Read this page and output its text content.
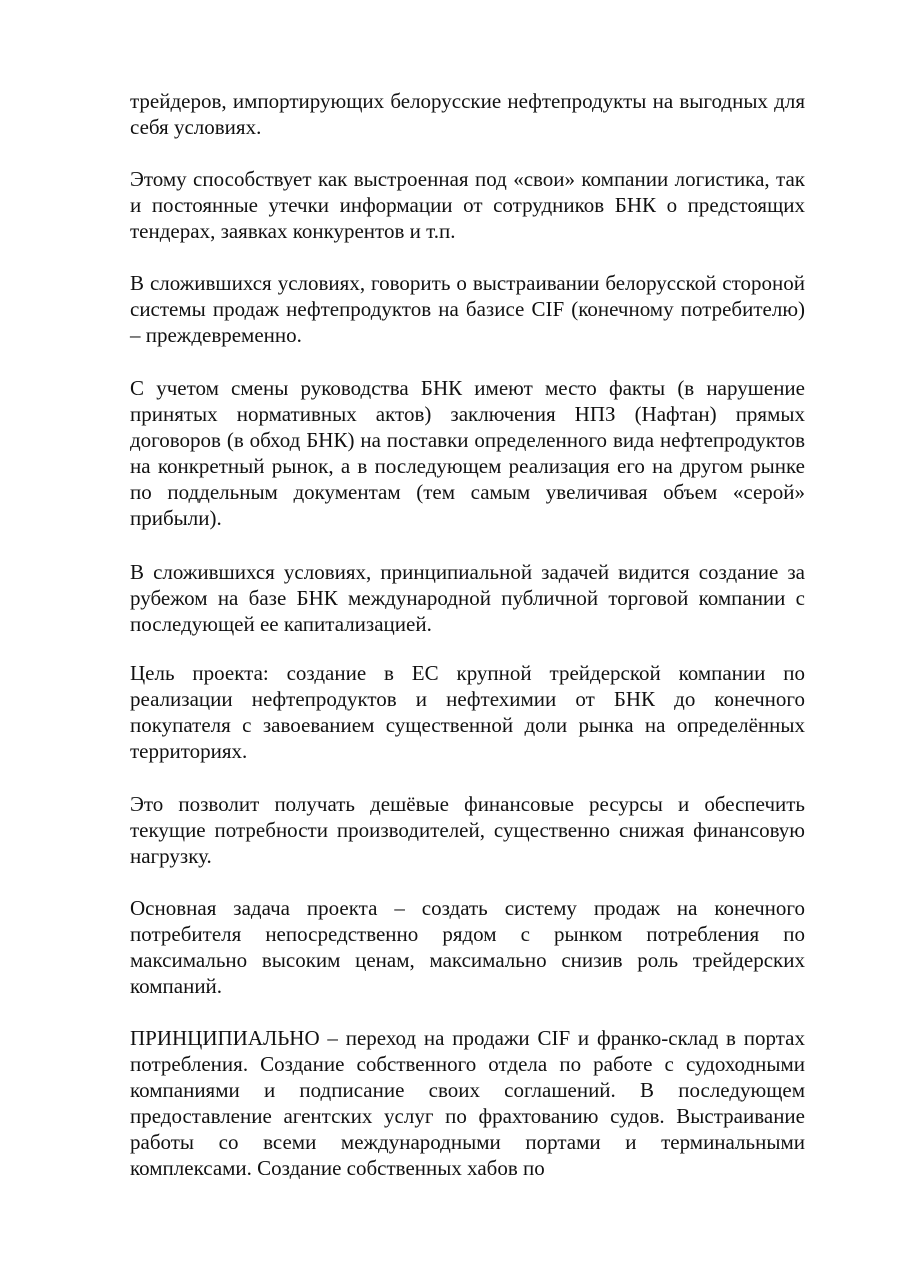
трейдеров, импортирующих белорусские нефтепродукты на выгодных для себя условиях.

Этому способствует как выстроенная под «свои» компании логистика, так и постоянные утечки информации от сотрудников БНК о предстоящих тендерах, заявках конкурентов и т.п.

В сложившихся условиях, говорить о выстраивании белорусской стороной системы продаж нефтепродуктов на базисе CIF (конечному потребителю) – преждевременно.

С учетом смены руководства БНК имеют место факты (в нарушение принятых нормативных актов) заключения НПЗ (Нафтан) прямых договоров (в обход БНК) на поставки определенного вида нефтепродуктов на конкретный рынок, а в последующем реализация его на другом рынке по поддельным документам (тем самым увеличивая объем «серой» прибыли).

В сложившихся условиях, принципиальной задачей видится создание за рубежом на базе БНК международной публичной торговой компании с последующей ее капитализацией.

Цель проекта: создание в ЕС крупной трейдерской компании по реализации нефтепродуктов и нефтехимии от БНК до конечного покупателя с завоеванием существенной доли рынка на определённых территориях.

Это позволит получать дешёвые финансовые ресурсы и обеспечить текущие потребности производителей, существенно снижая финансовую нагрузку.

Основная задача проекта – создать систему продаж на конечного потребителя непосредственно рядом с рынком потребления по максимально высоким ценам, максимально снизив роль трейдерских компаний.

ПРИНЦИПИАЛЬНО – переход на продажи CIF и франко-склад в портах потребления. Создание собственного отдела по работе с судоходными компаниями и подписание своих соглашений. В последующем предоставление агентских услуг по фрахтованию судов. Выстраивание работы со всеми международными портами и терминальными комплексами. Создание собственных хабов по
